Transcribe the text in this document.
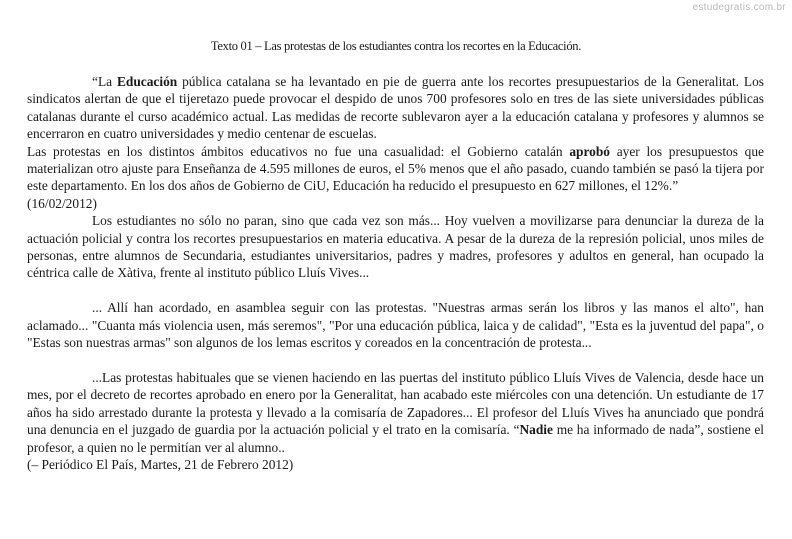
estudegratis.com.br
Texto 01 – Las protestas de los estudiantes contra los recortes en la Educación.

“La Educación pública catalana se ha levantado en pie de guerra ante los recortes presupuestarios de la Generalitat. Los sindicatos alertan de que el tijeretazo puede provocar el despido de unos 700 profesores solo en tres de las siete universidades públicas catalanas durante el curso académico actual. Las medidas de recorte sublevaron ayer a la educación catalana y profesores y alumnos se encerraron en cuatro universidades y medio centenar de escuelas.

Las protestas en los distintos ámbitos educativos no fue una casualidad: el Gobierno catalán aprobó ayer los presupuestos que materializan otro ajuste para Enseñanza de 4.595 millones de euros, el 5% menos que el año pasado, cuando también se pasó la tijera por este departamento. En los dos años de Gobierno de CiU, Educación ha reducido el presupuesto en 627 millones, el 12%.”

(16/02/2012)

Los estudiantes no sólo no paran, sino que cada vez son más... Hoy vuelven a movilizarse para denunciar la dureza de la actuación policial y contra los recortes presupuestarios en materia educativa. A pesar de la dureza de la represión policial, unos miles de personas, entre alumnos de Secundaria, estudiantes universitarios, padres y madres, profesores y adultos en general, han ocupado la céntrica calle de Xàtiva, frente al instituto público Lluís Vives...

... Allí han acordado, en asamblea seguir con las protestas. "Nuestras armas serán los libros y las manos el alto", han aclamado... "Cuanta más violencia usen, más seremos", "Por una educación pública, laica y de calidad", "Esta es la juventud del papa", o "Estas son nuestras armas" son algunos de los lemas escritos y coreados en la concentración de protesta...

...Las protestas habituales que se vienen haciendo en las puertas del instituto público Lluís Vives de Valencia, desde hace un mes, por el decreto de recortes aprobado en enero por la Generalitat, han acabado este miércoles con una detención. Un estudiante de 17 años ha sido arrestado durante la protesta y llevado a la comisaría de Zapadores... El profesor del Lluís Vives ha anunciado que pondrá una denuncia en el juzgado de guardia por la actuación policial y el trato en la comisaría. “Nadie me ha informado de nada”, sostiene el profesor, a quien no le permitían ver al alumno..

(– Periódico El País, Martes, 21 de Febrero 2012)
